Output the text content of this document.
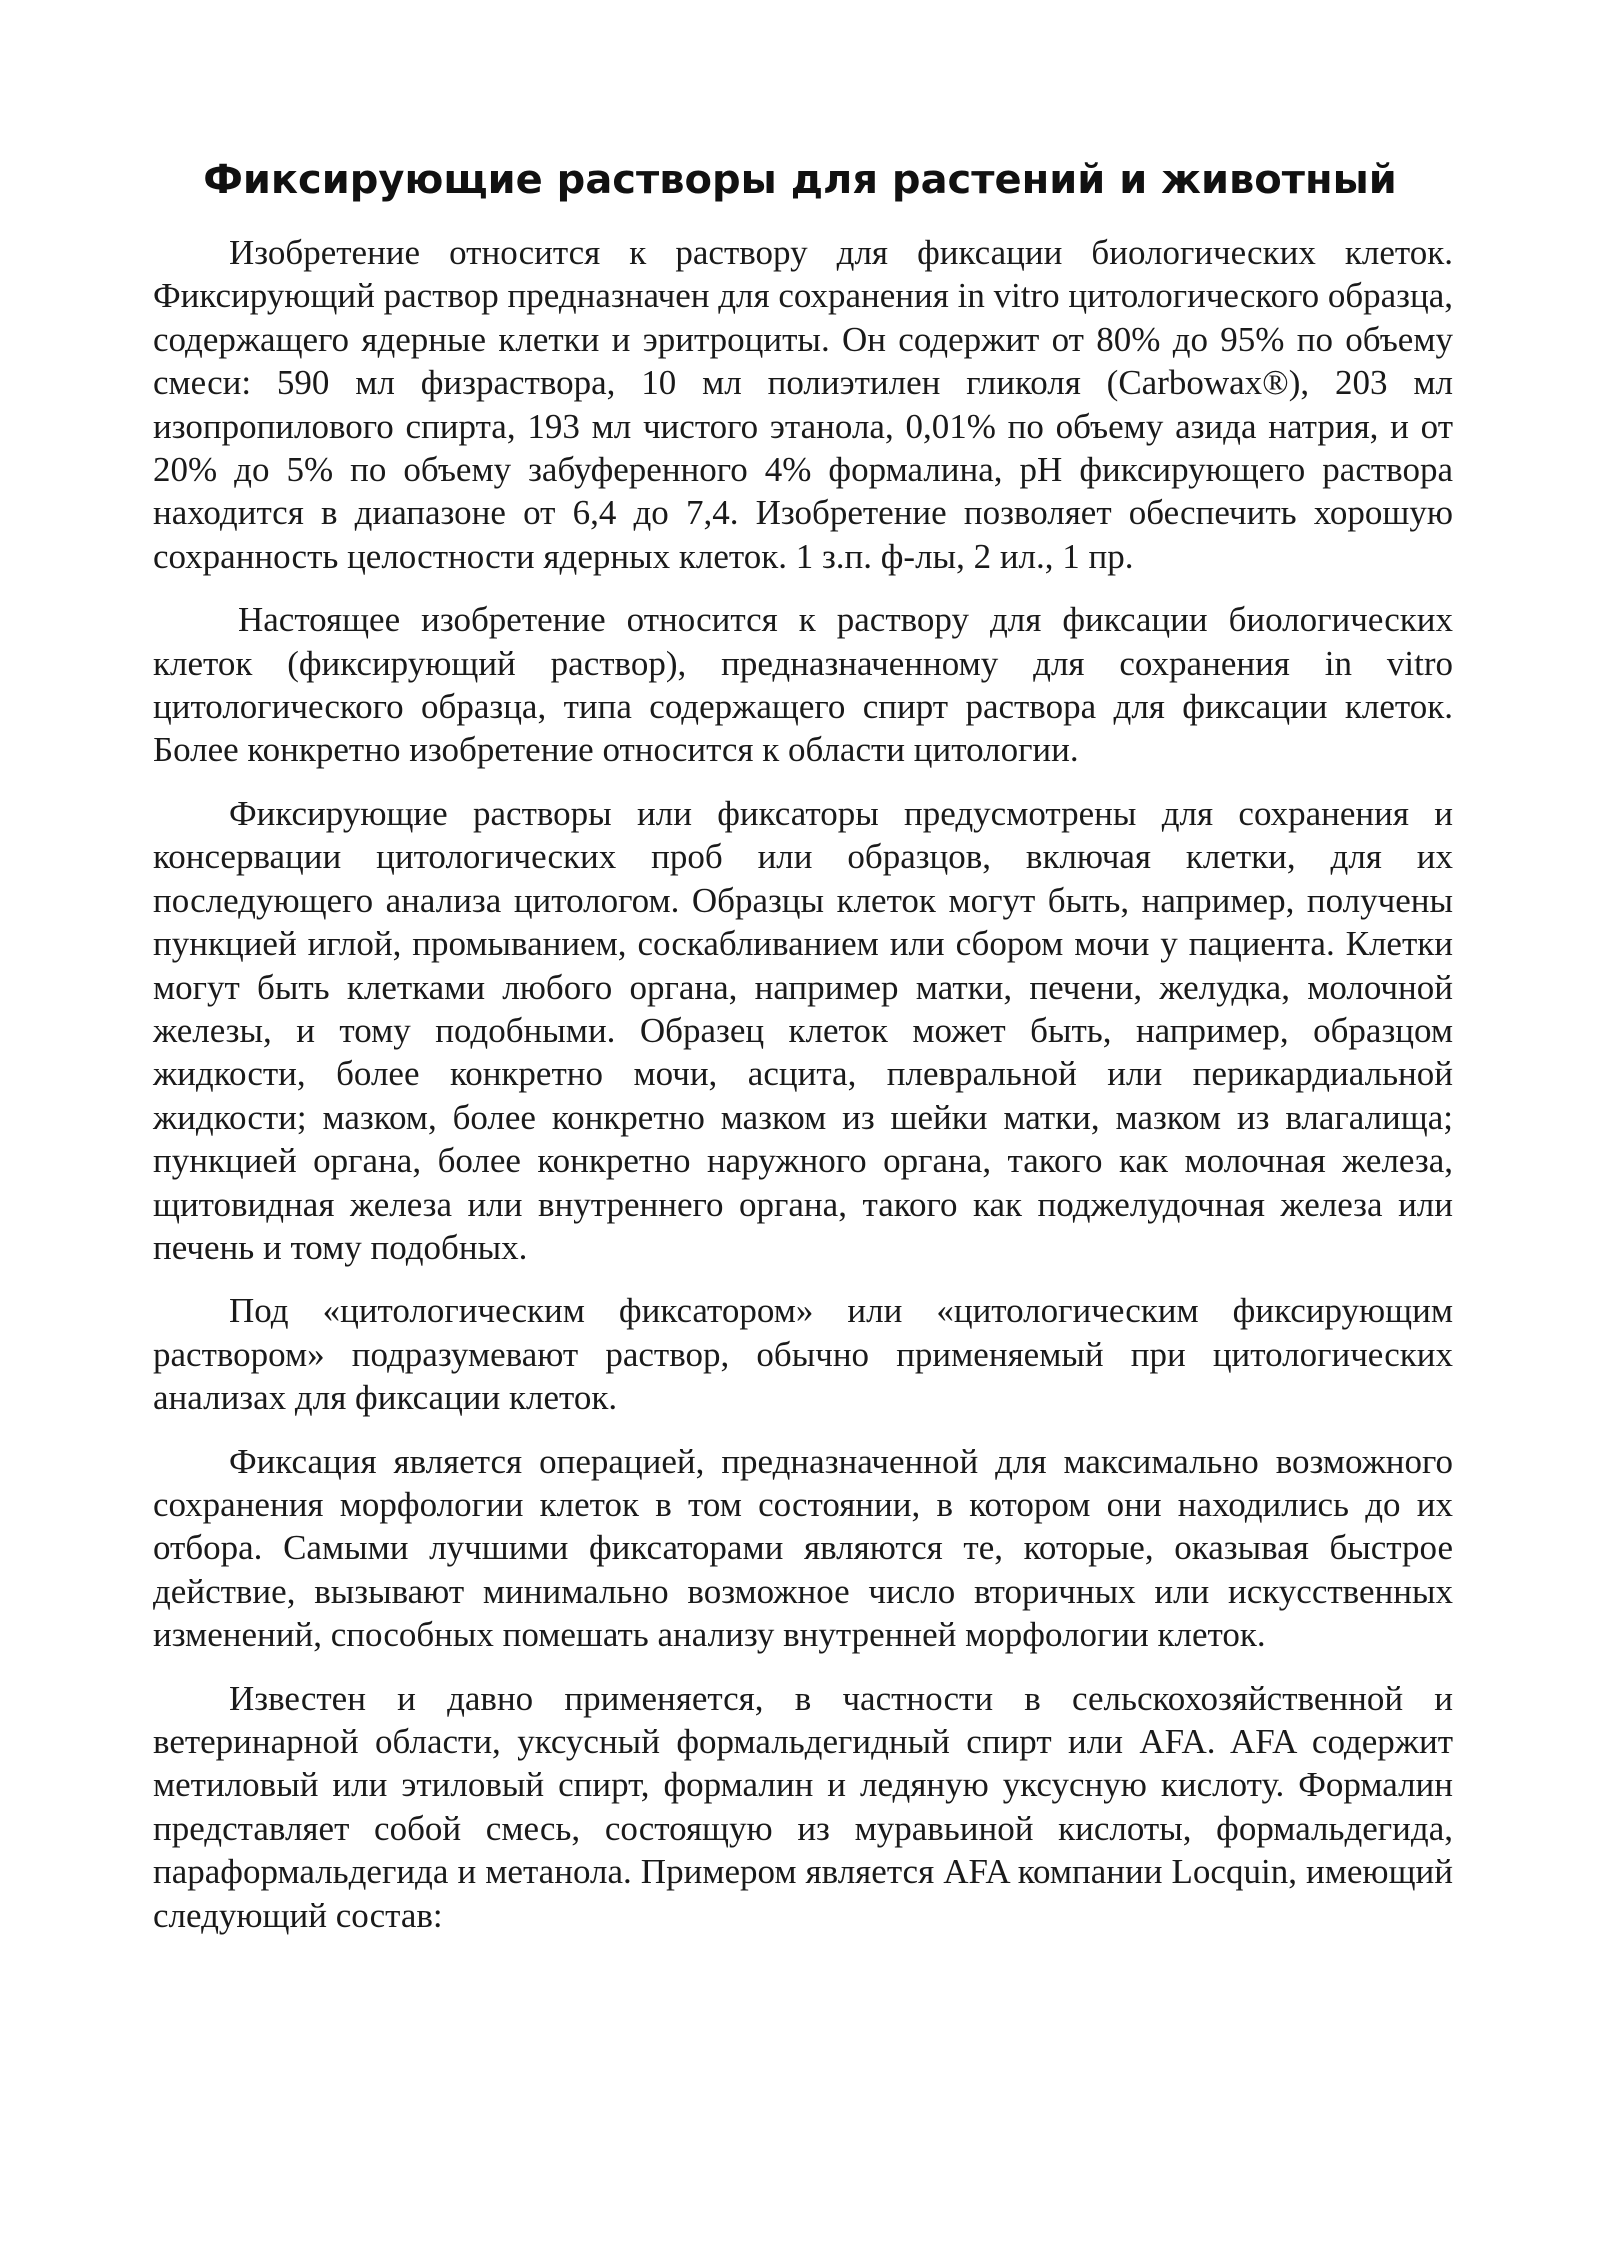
Фиксирующие растворы для растений и животный

Изобретение относится к раствору для фиксации биологических клеток. Фиксирующий раствор предназначен для сохранения in vitro цитологического образца, содержащего ядерные клетки и эритроциты. Он содержит от 80% до 95% по объему смеси: 590 мл физраствора, 10 мл полиэтилен гликоля (Carbowax®), 203 мл изопропилового спирта, 193 мл чистого этанола, 0,01% по объему азида натрия, и от 20% до 5% по объему забуференного 4% формалина, pH фиксирующего раствора находится в диапазоне от 6,4 до 7,4. Изобретение позволяет обеспечить хорошую сохранность целостности ядерных клеток. 1 з.п. ф-лы, 2 ил., 1 пр.

Настоящее изобретение относится к раствору для фиксации биологических клеток (фиксирующий раствор), предназначенному для сохранения in vitro цитологического образца, типа содержащего спирт раствора для фиксации клеток. Более конкретно изобретение относится к области цитологии.

Фиксирующие растворы или фиксаторы предусмотрены для сохранения и консервации цитологических проб или образцов, включая клетки, для их последующего анализа цитологом. Образцы клеток могут быть, например, получены пункцией иглой, промыванием, соскабливанием или сбором мочи у пациента. Клетки могут быть клетками любого органа, например матки, печени, желудка, молочной железы, и тому подобными. Образец клеток может быть, например, образцом жидкости, более конкретно мочи, асцита, плевральной или перикардиальной жидкости; мазком, более конкретно мазком из шейки матки, мазком из влагалища; пункцией органа, более конкретно наружного органа, такого как молочная железа, щитовидная железа или внутреннего органа, такого как поджелудочная железа или печень и тому подобных.

Под «цитологическим фиксатором» или «цитологическим фиксирующим раствором» подразумевают раствор, обычно применяемый при цитологических анализах для фиксации клеток.

Фиксация является операцией, предназначенной для максимально возможного сохранения морфологии клеток в том состоянии, в котором они находились до их отбора. Самыми лучшими фиксаторами являются те, которые, оказывая быстрое действие, вызывают минимально возможное число вторичных или искусственных изменений, способных помешать анализу внутренней морфологии клеток.

Известен и давно применяется, в частности в сельскохозяйственной и ветеринарной области, уксусный формальдегидный спирт или AFA. AFA содержит метиловый или этиловый спирт, формалин и ледяную уксусную кислоту. Формалин представляет собой смесь, состоящую из муравьиной кислоты, формальдегида, параформальдегида и метанола. Примером является AFA компании Locquin, имеющий следующий состав:
